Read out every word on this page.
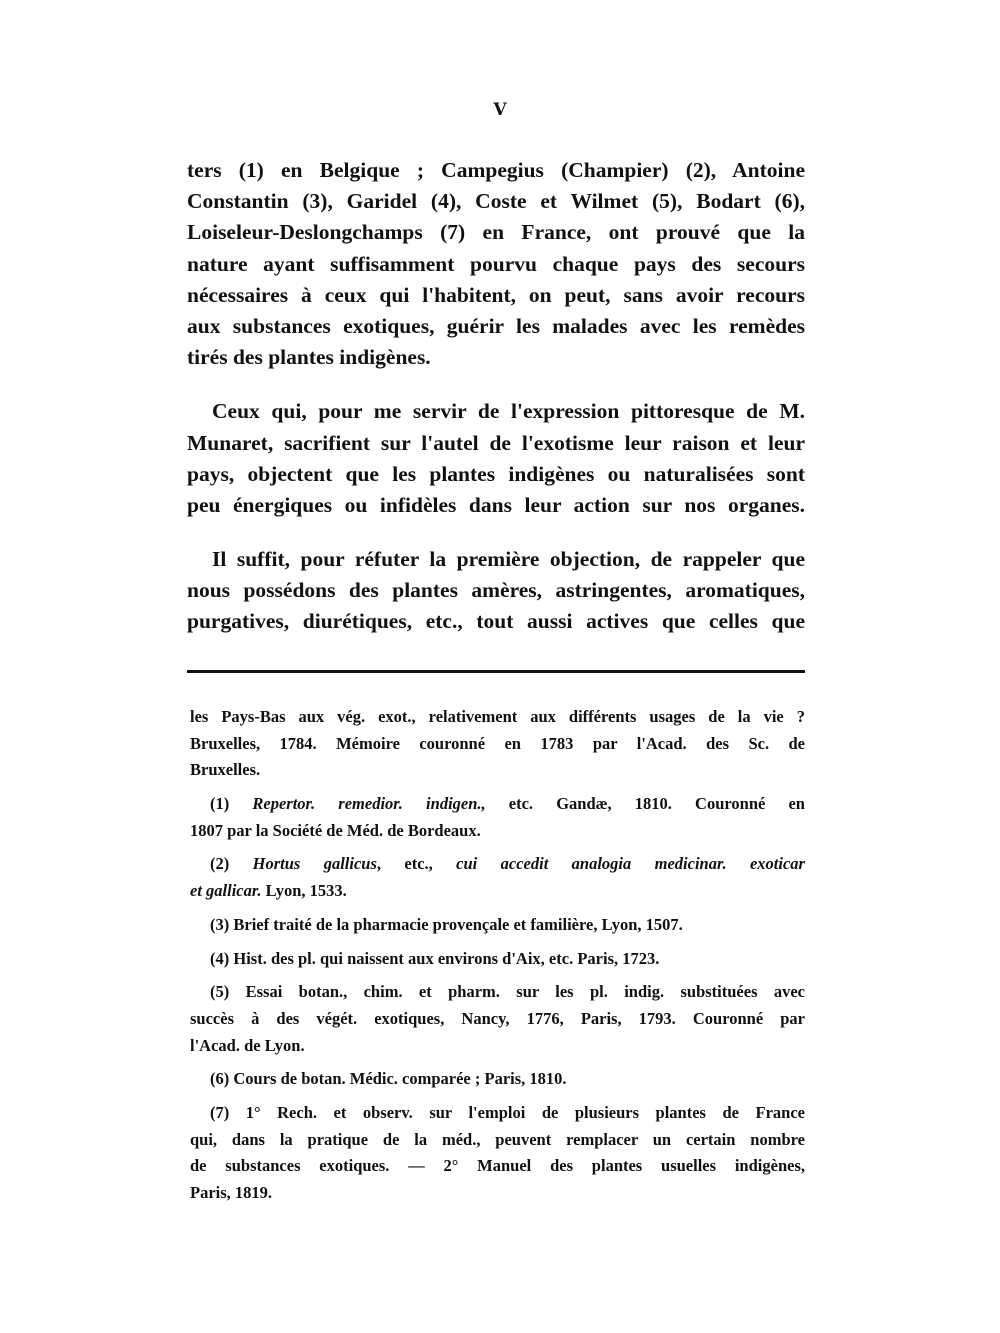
V
ters (1) en Belgique ; Campegius (Champier) (2), Antoine
Constantin (3), Garidel (4), Coste et Wilmet (5), Bodart (6),
Loiseleur-Deslongchamps (7) en France, ont prouvé que la
nature ayant suffisamment pourvu chaque pays des secours
nécessaires à ceux qui l'habitent, on peut, sans avoir recours
aux substances exotiques, guérir les malades avec les remèdes
tirés des plantes indigènes.
Ceux qui, pour me servir de l'expression pittoresque de M.
Munaret, sacrifient sur l'autel de l'exotisme leur raison et leur
pays, objectent que les plantes indigènes ou naturalisées sont
peu énergiques ou infidèles dans leur action sur nos organes.
Il suffit, pour réfuter la première objection, de rappeler que
nous possédons des plantes amères, astringentes, aromatiques,
purgatives, diurétiques, etc., tout aussi actives que celles que
les Pays-Bas aux vég. exot., relativement aux différents usages de la vie ?
Bruxelles, 1784. Mémoire couronné en 1783 par l'Acad. des Sc. de
Bruxelles.
(1) Repertor. remedior. indigen., etc. Gandæ, 1810. Couronné en
1807 par la Société de Méd. de Bordeaux.
(2) Hortus gallicus, etc., cui accedit analogia medicinar. exoticar
et gallicar. Lyon, 1533.
(3) Brief traité de la pharmacie provençale et familière, Lyon, 1507.
(4) Hist. des pl. qui naissent aux environs d'Aix, etc. Paris, 1723.
(5) Essai botan., chim. et pharm. sur les pl. indig. substituées avec
succès à des végét. exotiques, Nancy, 1776, Paris, 1793. Couronné par
l'Acad. de Lyon.
(6) Cours de botan. Médic. comparée ; Paris, 1810.
(7) 1° Rech. et observ. sur l'emploi de plusieurs plantes de France
qui, dans la pratique de la méd., peuvent remplacer un certain nombre
de substances exotiques. — 2° Manuel des plantes usuelles indigènes,
Paris, 1819.
